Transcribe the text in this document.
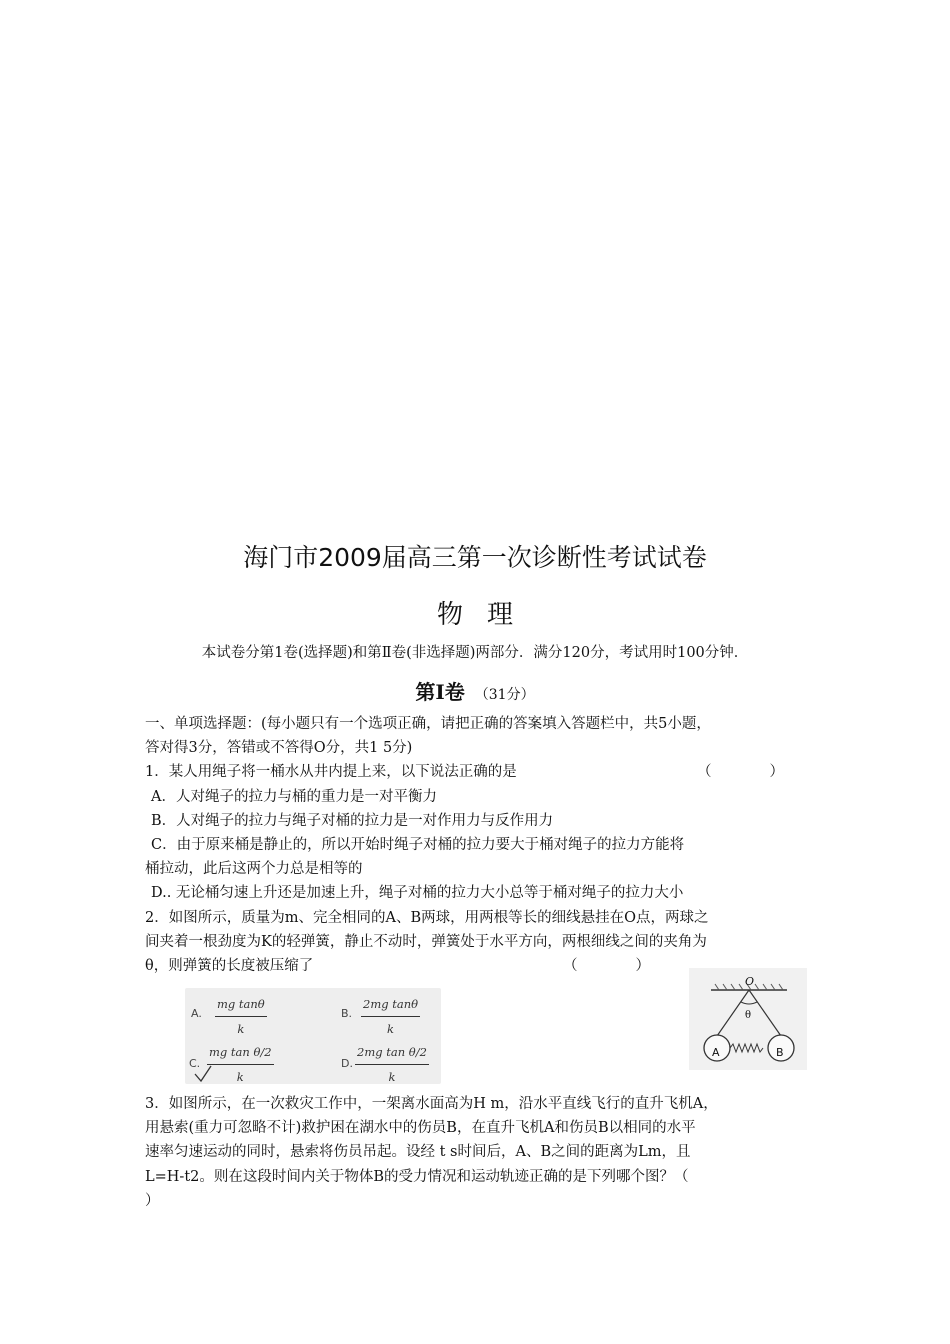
海门市2009届高三第一次诊断性考试试卷
物理
本试卷分第1卷(选择题)和第Ⅱ卷(非选择题)两部分．满分120分，考试用时100分钟．
第Ⅰ卷 （31分）
一、单项选择题：(每小题只有一个选项正确，请把正确的答案填入答题栏中，共5小题，
答对得3分，答错或不答得O分，共1 5分)
1．某人用绳子将一桶水从井内提上来，以下说法正确的是	（　　　　）
A．人对绳子的拉力与桶的重力是一对平衡力
B．人对绳子的拉力与绳子对桶的拉力是一对作用力与反作用力
C．由于原来桶是静止的，所以开始时绳子对桶的拉力要大于桶对绳子的拉力方能将
桶拉动，此后这两个力总是相等的
D.. 无论桶匀速上升还是加速上升，绳子对桶的拉力大小总等于桶对绳子的拉力大小
2．如图所示，质量为m、完全相同的A、B两球，用两根等长的细线悬挂在O点，两球之
间夹着一根劲度为K的轻弹簧，静止不动时，弹簧处于水平方向，两根细线之间的夹角为
θ，则弹簧的长度被压缩了	（　　　　）
A. $\frac{\text{mg tanθ}}{k}$	B. $\frac{\text{2mg tanθ}}{k}$
C. $\frac{\text{mg tan θ/2}}{k}$	D. $\frac{\text{2mg tan θ/2}}{k}$
O
θ
A	B
3．如图所示，在一次救灾工作中，一架离水面高为H m，沿水平直线飞行的直升飞机A，
用悬索(重力可忽略不计)救护困在湖水中的伤员B，在直升飞机A和伤员B以相同的水平
速率匀速运动的同时，悬索将伤员吊起。设经 t s时间后，A、B之间的距离为Lm，且
L=H-t2。则在这段时间内关于物体B的受力情况和运动轨迹正确的是下列哪个图？（
）
